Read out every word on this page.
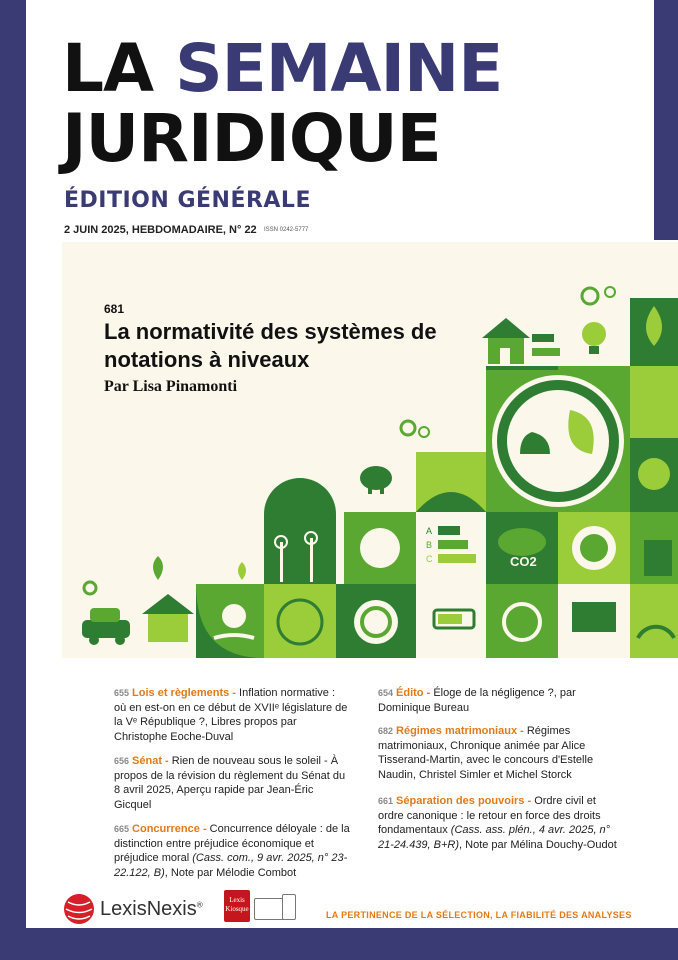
LA SEMAINE
JURIDIQUE
ÉDITION GÉNÉRALE
2 JUIN 2025, HEBDOMADAIRE, N° 22 ISSN 0242-5777
A
B
C	CO2
681
La normativité des systèmes de notations à niveaux
Par Lisa Pinamonti
655 Lois et règlements - Inflation normative : où en est-on en ce début de XVIIᵉ législature de la Vᵉ République ?, Libres propos par Christophe Eoche-Duval
656 Sénat - Rien de nouveau sous le soleil - À propos de la révision du règlement du Sénat du 8 avril 2025, Aperçu rapide par Jean-Éric Gicquel
665 Concurrence - Concurrence déloyale : de la distinction entre préjudice économique et préjudice moral (Cass. com., 9 avr. 2025, n° 23-22.122, B), Note par Mélodie Combot
654 Édito - Éloge de la négligence ?, par Dominique Bureau
682 Régimes matrimoniaux - Régimes matrimoniaux, Chronique animée par Alice Tisserand-Martin, avec le concours d'Estelle Naudin, Christel Simler et Michel Storck
661 Séparation des pouvoirs - Ordre civil et ordre canonique : le retour en force des droits fondamentaux (Cass. ass. plén., 4 avr. 2025, n° 21-24.439, B+R), Note par Mélina Douchy-Oudot
LexisNexis®
Lexis
Kiosque
LA PERTINENCE DE LA SÉLECTION, LA FIABILITÉ DES ANALYSES
